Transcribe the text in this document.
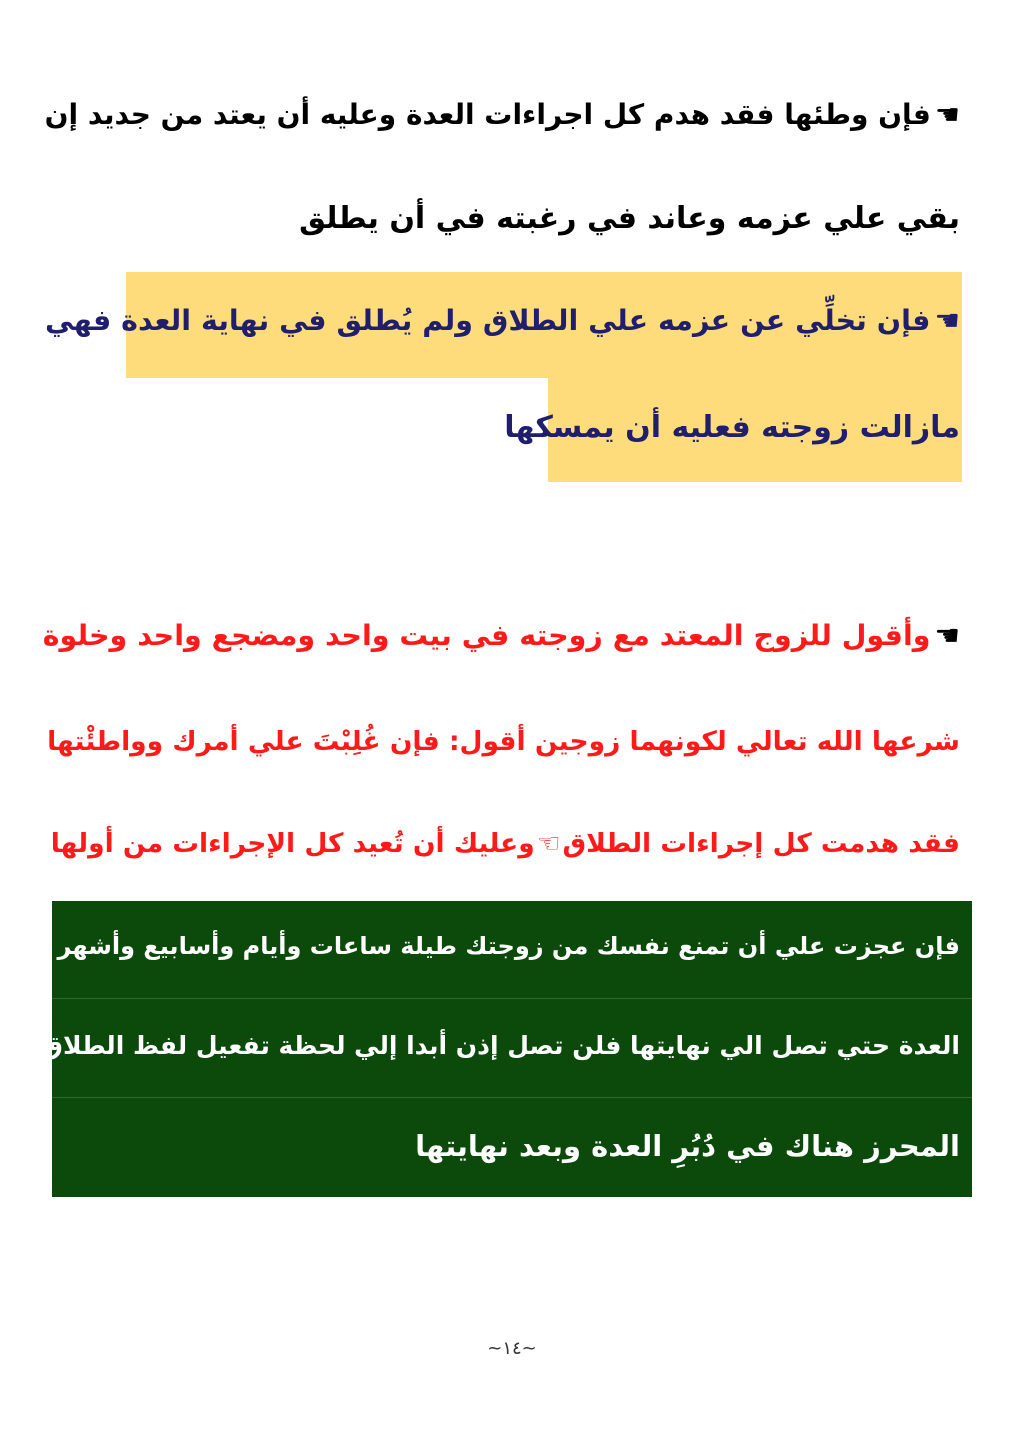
☚فإن وطئها فقد هدم كل اجراءات العدة وعليه أن يعتد من جديد إن
بقي علي عزمه وعاند في رغبته في أن يطلق
☚فإن تخلِّي عن عزمه علي الطلاق ولم يُطلق في نهاية العدة فهي
مازالت زوجته فعليه أن يمسكها
☚وأقول للزوج المعتد مع زوجته في بيت واحد ومضجع واحد وخلوة
شرعها الله تعالي لكونهما زوجين أقول: فإن غُلِبْتَ علي أمرك وواطئْتها
فقد هدمت كل إجراءات الطلاق☜وعليك أن تُعيد كل الإجراءات من أولها
فإن عجزت علي أن تمنع نفسك من زوجتك طيلة ساعات وأيام وأسابيع وأشهر
العدة حتي تصل الي نهايتها فلن تصل إذن أبدا إلي لحظة تفعيل لفظ الطلاق
المحرز هناك في دُبُرِ العدة وبعد نهايتها
~١٤~
